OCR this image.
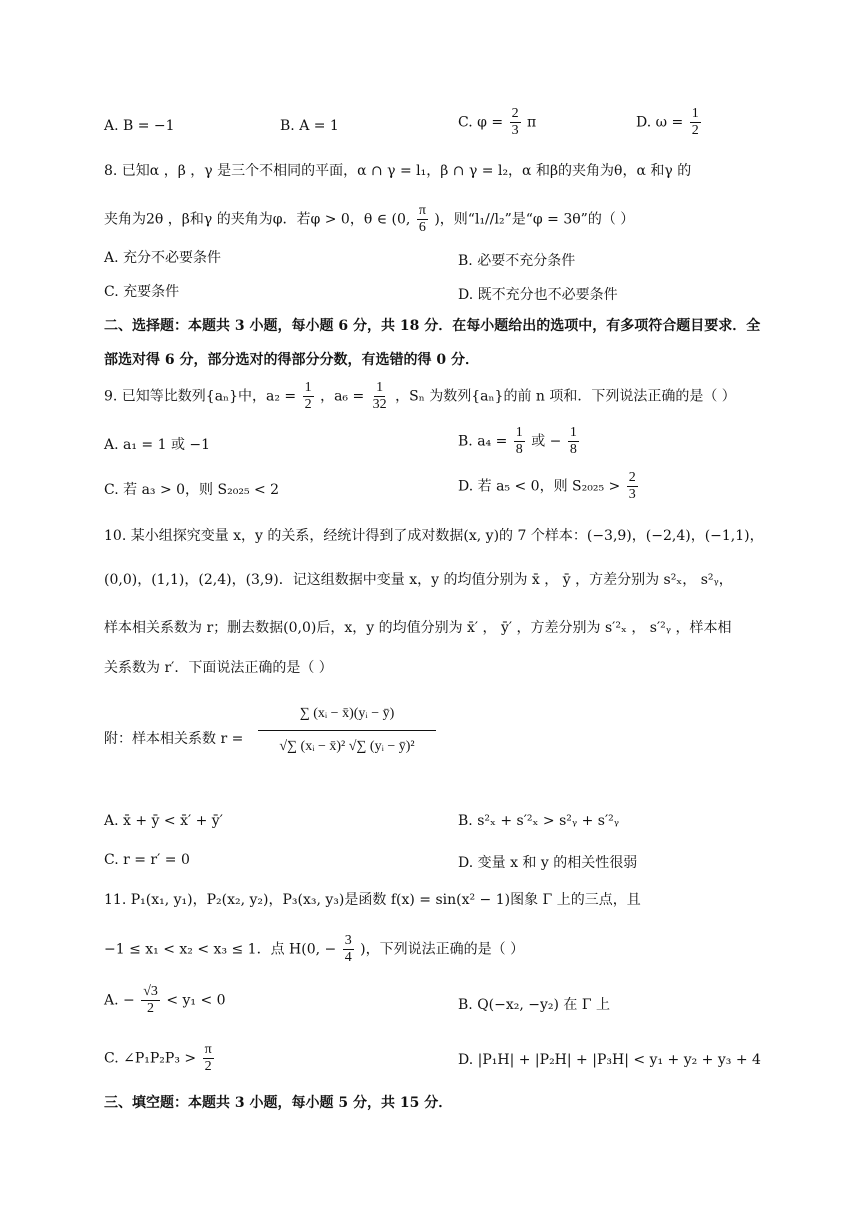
A. B = −1	B. A = 1	C. $\varphi = \frac{2}{3}$ π	D. $\omega = \frac{1}{2}$
8. 已知α ，β ，γ 是三个不相同的平面，α ∩ γ = l₁，β ∩ γ = l₂，α 和β的夹角为θ，α 和γ 的
夹角为2θ ，β和γ 的夹角为φ．若φ > 0，θ ∈ (0, $\frac{\pi}{6}$ )，则“l₁//l₂”是“φ = 3θ”的（ ）
A. 充分不必要条件	B. 必要不充分条件
C. 充要条件	D. 既不充分也不必要条件
二、选择题：本题共 3 小题，每小题 6 分，共 18 分．在每小题给出的选项中，有多项符合题目要求．全
部选对得 6 分，部分选对的得部分分数，有选错的得 0 分．
9. 已知等比数列{aₙ}中，$a_2 = \frac{1}{2}$ ，$a_6 = \frac{1}{32}$ ，Sₙ 为数列{aₙ}的前 n 项和．下列说法正确的是（ ）
A. a₁ = 1 或 −1	B. $a_4 = \frac{1}{8}$ 或 − $\frac{1}{8}$
C. 若 a₃ > 0，则 S₂₀₂₅ < 2	D. 若 a₅ < 0，则 $S_{2025} > \frac{2}{3}$
10. 某小组探究变量 x，y 的关系，经统计得到了成对数据(x, y)的 7 个样本：(−3,9)，(−2,4)，(−1,1)，
(0,0)，(1,1)，(2,4)，(3,9)．记这组数据中变量 x，y 的均值分别为 x̄ ， ȳ ，方差分别为 s²ₓ， s²ᵧ，
样本相关系数为 r；删去数据(0,0)后，x，y 的均值分别为 x̄′ ， ȳ′ ，方差分别为 s′²ₓ ， s′²ᵧ ，样本相
关系数为 r′．下面说法正确的是（ ）
附：样本相关系数 r =
∑ (xᵢ − x̄)(yᵢ − ȳ)
√∑ (xᵢ − x̄)² √∑ (yᵢ − ȳ)²
A. x̄ + ȳ < x̄′ + ȳ′	B. s²ₓ + s′²ₓ > s²ᵧ + s′²ᵧ
C. r = r′ = 0	D. 变量 x 和 y 的相关性很弱
11. P₁(x₁, y₁)，P₂(x₂, y₂)，P₃(x₃, y₃)是函数 f(x) = sin(x² − 1)图象 Γ 上的三点，且
−1 ≤ x₁ < x₂ < x₃ ≤ 1．点 H(0, − $\frac{3}{4}$ )，下列说法正确的是（ ）
A. − $\frac{√3}{2} < y_1 < 0$	B. Q(−x₂, −y₂) 在 Γ 上
C. ∠P₁P₂P₃ > $\frac{\pi}{2}$	D. |P₁H| + |P₂H| + |P₃H| < y₁ + y₂ + y₃ + 4
三、填空题：本题共 3 小题，每小题 5 分，共 15 分．
